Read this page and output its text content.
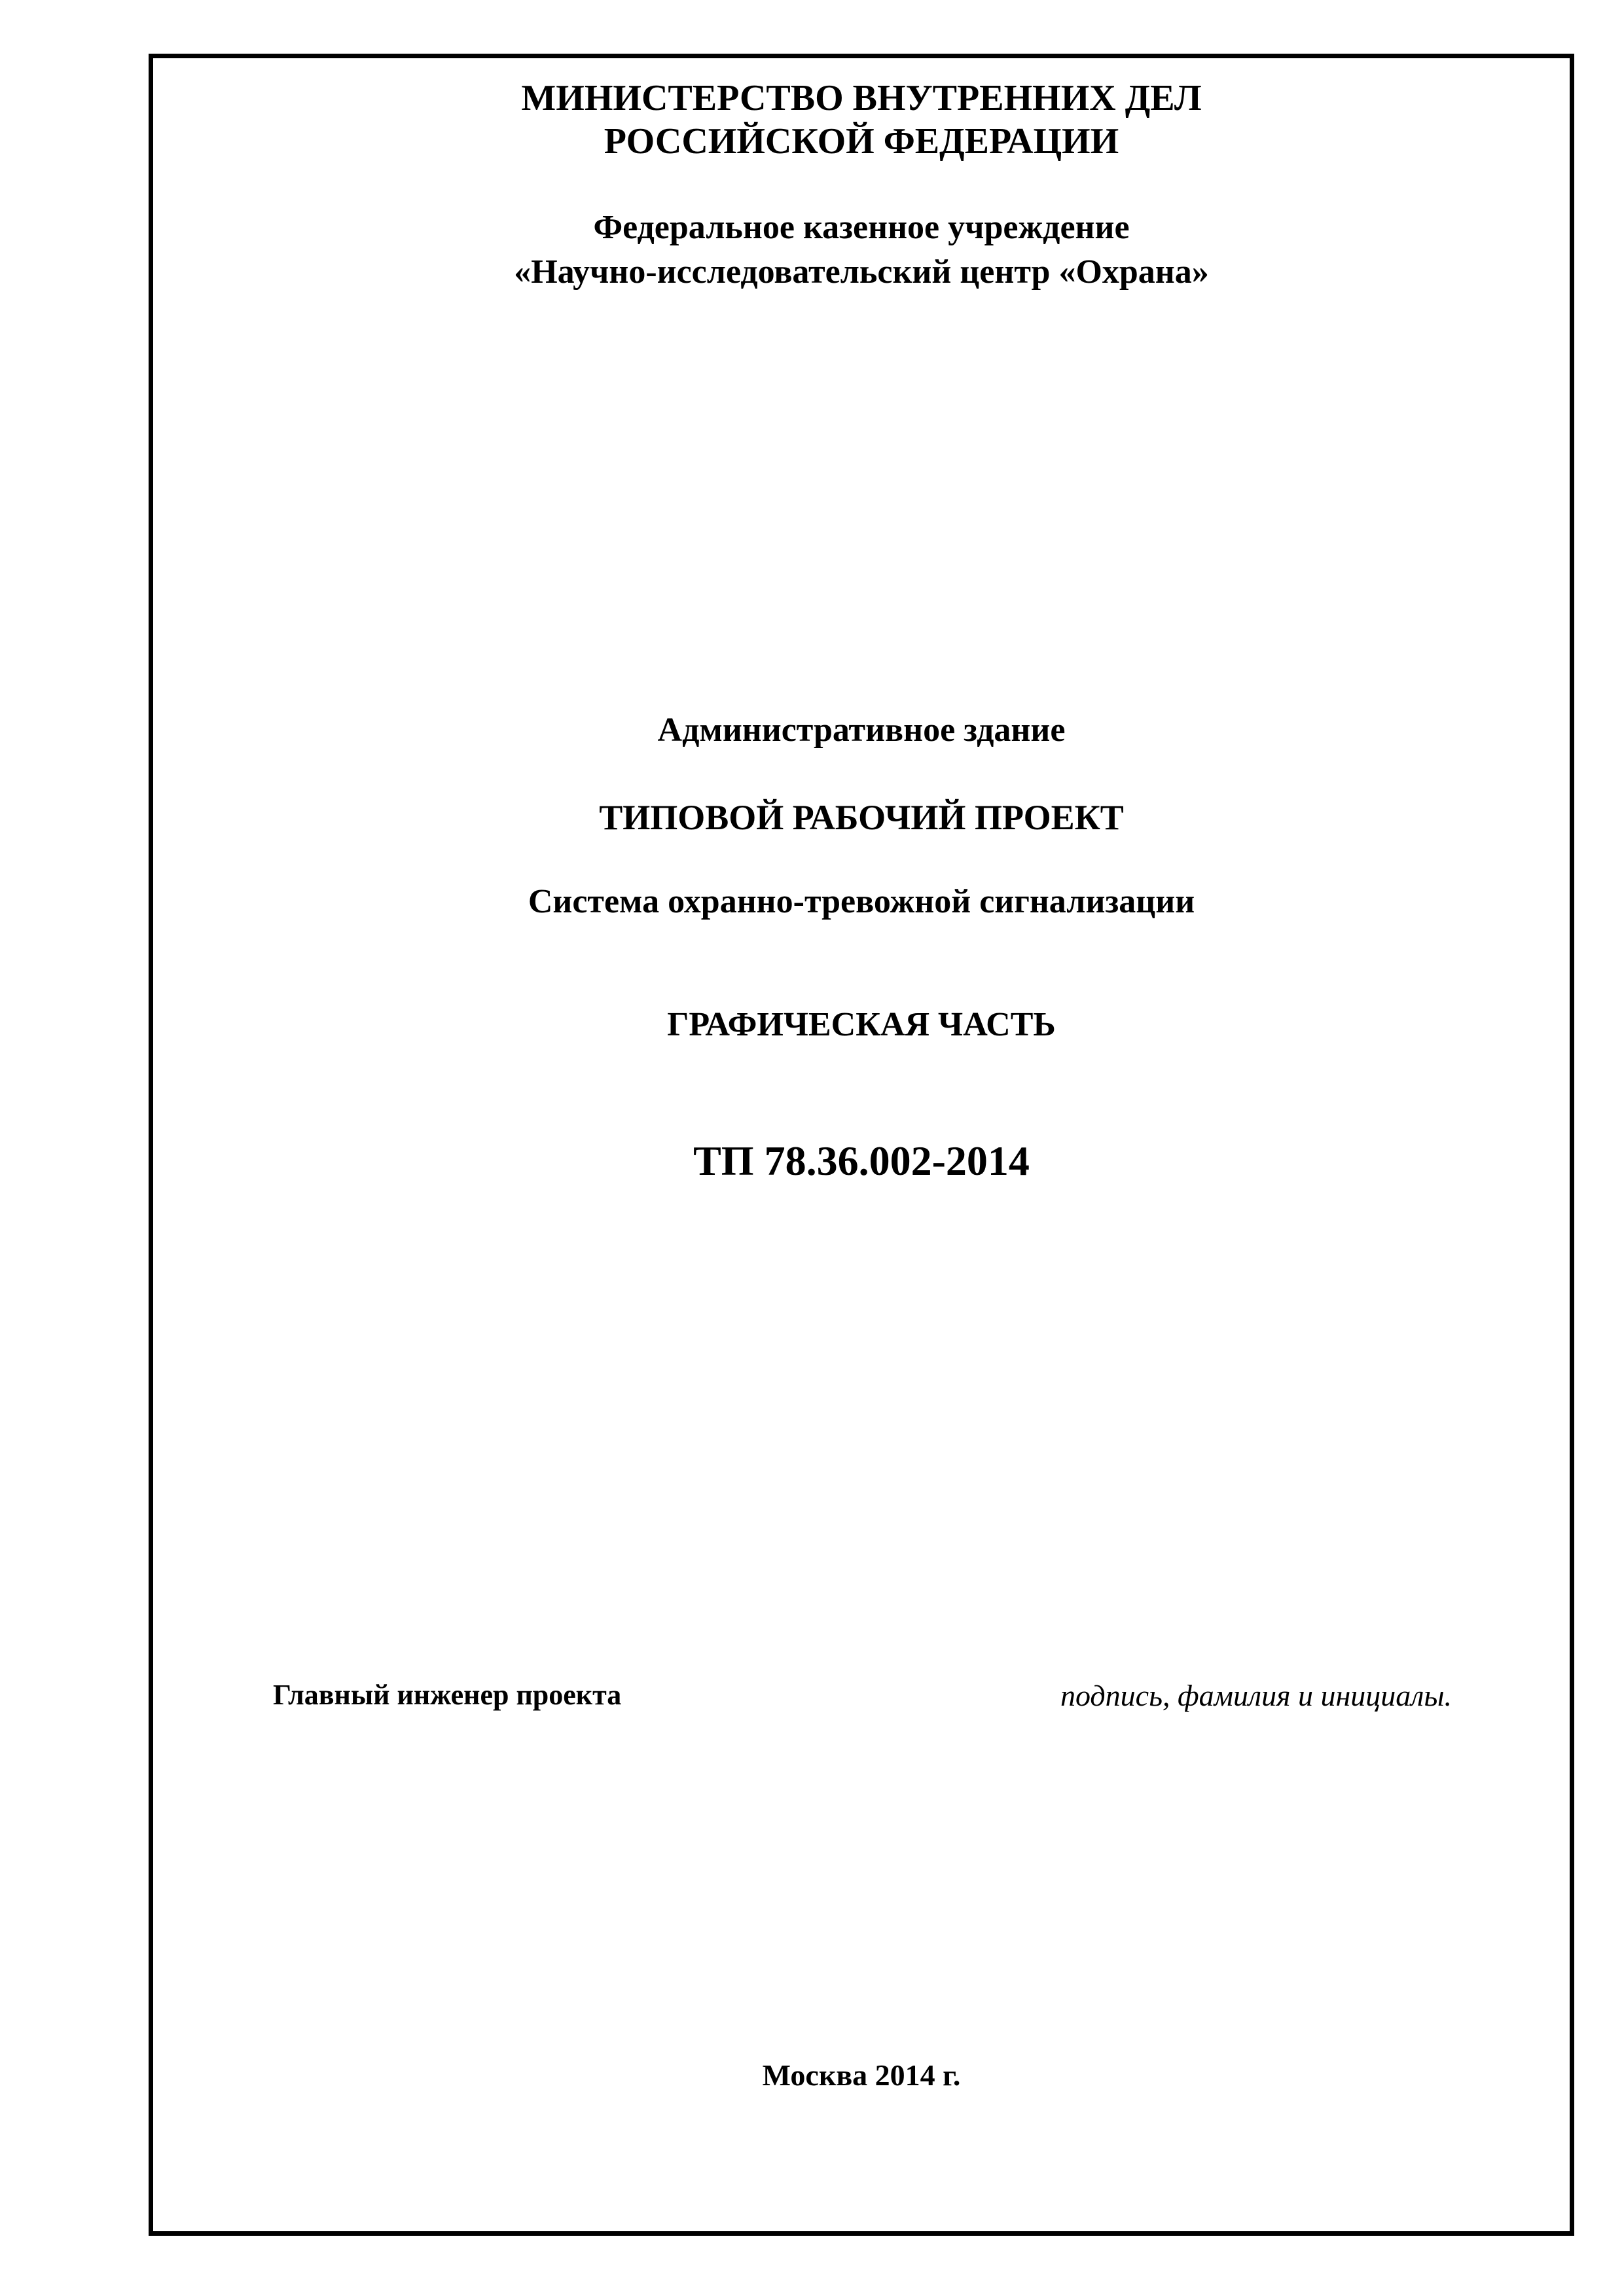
МИНИСТЕРСТВО ВНУТРЕННИХ ДЕЛ
РОССИЙСКОЙ ФЕДЕРАЦИИ
Федеральное казенное учреждение
«Научно-исследовательский центр «Охрана»
Административное здание
ТИПОВОЙ РАБОЧИЙ ПРОЕКТ
Система охранно-тревожной сигнализации
ГРАФИЧЕСКАЯ ЧАСТЬ
ТП 78.36.002-2014
Главный инженер проекта	подпись, фамилия и инициалы.
Москва 2014 г.
